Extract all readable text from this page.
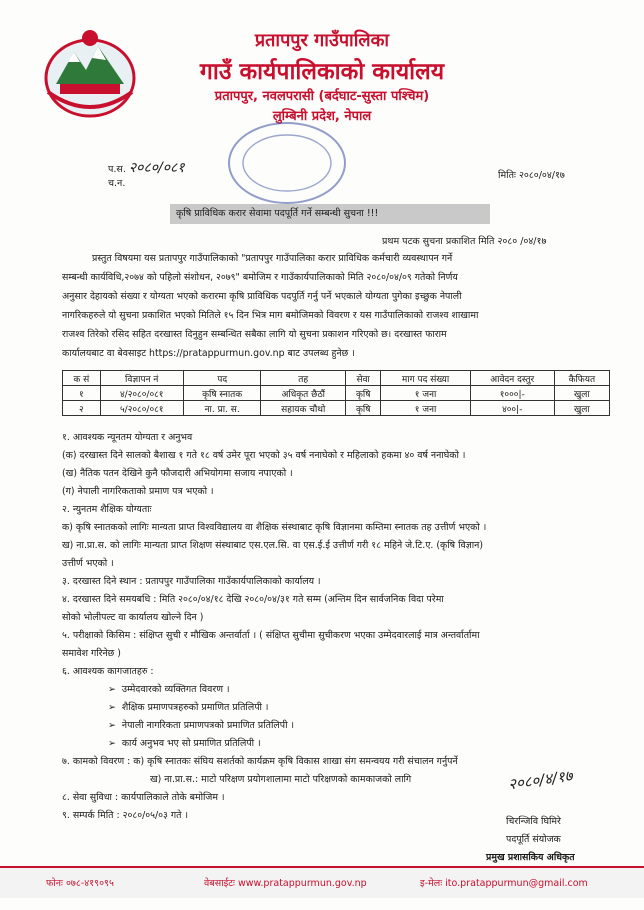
प्रतापपुर गाउँपालिका
गाउँ कार्यपालिकाको कार्यालय
प्रतापपुर, नवलपरासी (बर्दघाट-सुस्ता पश्चिम)
लुम्बिनी प्रदेश, नेपाल
प.स. २०८०/०८१
च.न.
मितिः २०८०/०४/१७
कृषि प्राविधिक करार सेवामा पदपूर्ति गर्ने सम्बन्धी सुचना !!!
प्रथम पटक सुचना प्रकाशित मिति २०८० /०४/१७
प्रस्तुत विषयमा यस प्रतापपुर गाउँपालिकाको "प्रतापपुर गाउँपालिका करार प्राविधिक कर्मचारी व्यवस्थापन गर्ने
सम्बन्धी कार्यविधि,२०७४ को पहिलो संशोधन, २०७९" बमोजिम र गाउँकार्यपालिकाको मिति २०८०/०४/०९ गतेको निर्णय
अनुसार देहायको संख्या र योग्यता भएको करारमा कृषि प्राविधिक पदपुर्ति गर्नु पर्ने भएकाले योग्यता पुगेका इच्छुक नेपाली
नागरिकहरुले यो सुचना प्रकाशित भएको मितिले १५ दिन भित्र माग बमोजिमको विवरण र यस गाउँपालिकाको राजश्व शाखामा
राजश्व तिरेको रसिद सहित दरखास्त दिनुहुन सम्बन्धित सबैका लागि यो सुचना प्रकाशन गरिएको छ। दरखास्त फाराम
कार्यालयबाट वा बेवसाइट https://pratappurmun.gov.np बाट उपलब्ध हुनेछ ।
क सं	विज्ञापन नं	पद	तह	सेवा	माग पद संख्या	आवेदन दस्तुर	कैफियत
१	४/२०८०/०८१	कृषि स्नातक	अधिकृत छैठौं	कृषि	१ जना	१०००|-	खुला
२	५/२०८०/०८१	ना. प्रा. स.	सहायक चौथो	कृषि	१ जना	४००|-	खुला
१. आवश्यक न्यूनतम योग्यता र अनुभव
(क) दरखास्त दिने सालको बैशाख १ गते १८ वर्ष उमेर पूरा भएको ३५ वर्ष ननाघेको र महिलाको हकमा ४० वर्ष ननाघेको ।
(ख) नैतिक पतन देखिने कुनै फौजदारी अभियोगमा सजाय नपाएको ।
(ग) नेपाली नागरिकताको प्रमाण पत्र भएको ।
२. न्युनतम शैक्षिक योग्यताः
क) कृषि स्नातकको लागिः मान्यता प्राप्त विश्वविद्यालय वा शैक्षिक संस्थाबाट कृषि विज्ञानमा कम्तिमा स्नातक तह उत्तीर्ण भएको ।
ख) ना.प्रा.स. को लागिः मान्यता प्राप्त शिक्षण संस्थाबाट एस.एल.सि. वा एस.ई.ई उत्तीर्ण गरी १८ महिने जे.टि.ए. (कृषि विज्ञान)
उत्तीर्ण भएको ।
३. दरखास्त दिने स्थान : प्रतापपुर गाउँपालिका गाउँकार्यपालिकाको कार्यालय ।
४. दरखास्त दिने समयबधि : मिति २०८०/०४/१८ देखि २०८०/०४/३१ गते सम्म (अन्तिम दिन सार्वजनिक विदा परेमा
सोको भोलीपल्ट वा कार्यालय खोल्ने दिन )
५. परीक्षाको किसिम : संक्षिप्त सुची र मौखिक अन्तर्वार्ता । ( संक्षिप्त सुचीमा सुचीकरण भएका उम्मेदवारलाई मात्र अन्तर्वार्तामा
समावेश गरिनेछ )
६. आवश्यक कागजातहरु :
➢ उम्मेदवारको व्यक्तिगत विवरण ।
➢ शैक्षिक प्रमाणपत्रहरुको प्रमाणित प्रतिलिपी ।
➢ नेपाली नागरिकता प्रमाणपत्रको प्रमाणित प्रतिलिपी ।
➢ कार्य अनुभव भए सो प्रमाणित प्रतिलिपी ।
७. कामको विवरण : क) कृषि स्नातकः संघिय सशर्तको कार्यक्रम कृषि विकास शाखा संग समन्वयय गरी संचालन गर्नुपर्ने
ख) ना.प्रा.स.: माटो परिक्षण प्रयोगशालामा माटो परिक्षणको कामकाजको लागि
८. सेवा सुविधा : कार्यपालिकाले तोके बमोजिम ।
९. सम्पर्क मिति : २०८०/०५/०३ गते ।
२०८०/४/१७
चिरन्जिवि घिमिरे
पदपूर्ति संयोजक
प्रमुख प्रशासकिय अधिकृत
फोनः ०७८-४१९०९५	वेबसाईटः www.pratappurmun.gov.np	इ-मेलः ito.pratappurmun@gmail.com
